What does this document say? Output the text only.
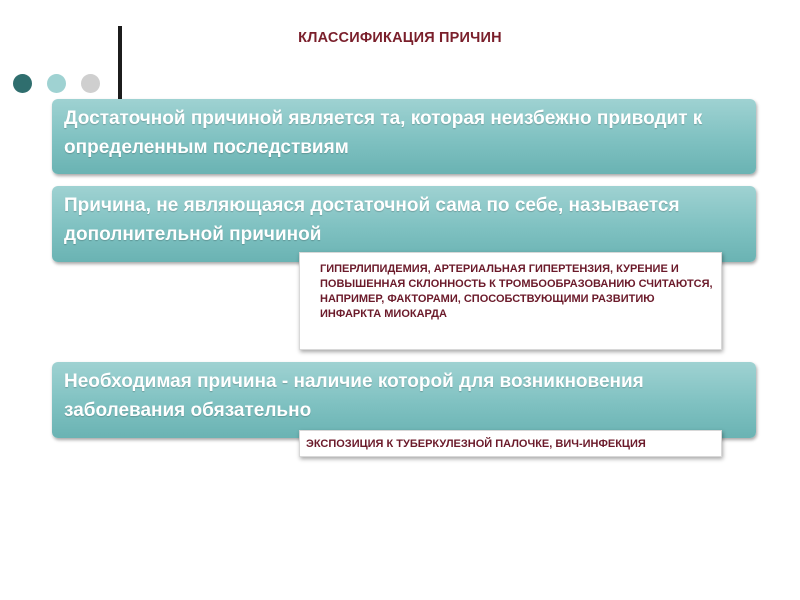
КЛАССИФИКАЦИЯ ПРИЧИН
Достаточной причиной является та, которая неизбежно приводит к определенным последствиям
Причина, не являющаяся достаточной сама по себе, называется дополнительной причиной
ГИПЕРЛИПИДЕМИЯ, АРТЕРИАЛЬНАЯ ГИПЕРТЕНЗИЯ, КУРЕНИЕ И ПОВЫШЕННАЯ СКЛОННОСТЬ К ТРОМБООБРАЗОВАНИЮ СЧИТАЮТСЯ, НАПРИМЕР, ФАКТОРАМИ, СПОСОБСТВУЮЩИМИ РАЗВИТИЮ ИНФАРКТА МИОКАРДА
Необходимая причина - наличие которой для возникновения заболевания обязательно
ЭКСПОЗИЦИЯ К ТУБЕРКУЛЕЗНОЙ ПАЛОЧКЕ, ВИЧ-ИНФЕКЦИЯ
